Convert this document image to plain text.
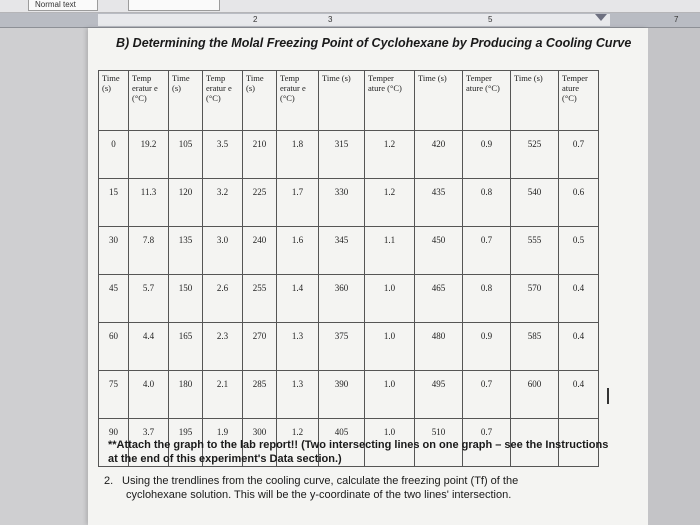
Normal text
2	3	5	7

B) Determining the Molal Freezing Point of Cyclohexane by Producing a Cooling Curve

Time (s)	Temp eratur e (°C)	Time (s)	Temp eratur e (°C)	Time (s)	Temp eratur e (°C)	Time (s)	Temper ature (°C)	Time (s)	Temper ature (°C)	Time (s)	Temper ature (°C)
0	19.2	105	3.5	210	1.8	315	1.2	420	0.9	525	0.7
15	11.3	120	3.2	225	1.7	330	1.2	435	0.8	540	0.6
30	7.8	135	3.0	240	1.6	345	1.1	450	0.7	555	0.5
45	5.7	150	2.6	255	1.4	360	1.0	465	0.8	570	0.4
60	4.4	165	2.3	270	1.3	375	1.0	480	0.9	585	0.4
75	4.0	180	2.1	285	1.3	390	1.0	495	0.7	600	0.4
90	3.7	195	1.9	300	1.2	405	1.0	510	0.7		

**Attach the graph to the lab report!! (Two intersecting lines on one graph – see the Instructions at the end of this experiment's Data section.)

2. Using the trendlines from the cooling curve, calculate the freezing point (Tf) of the
cyclohexane solution. This will be the y-coordinate of the two lines' intersection.
